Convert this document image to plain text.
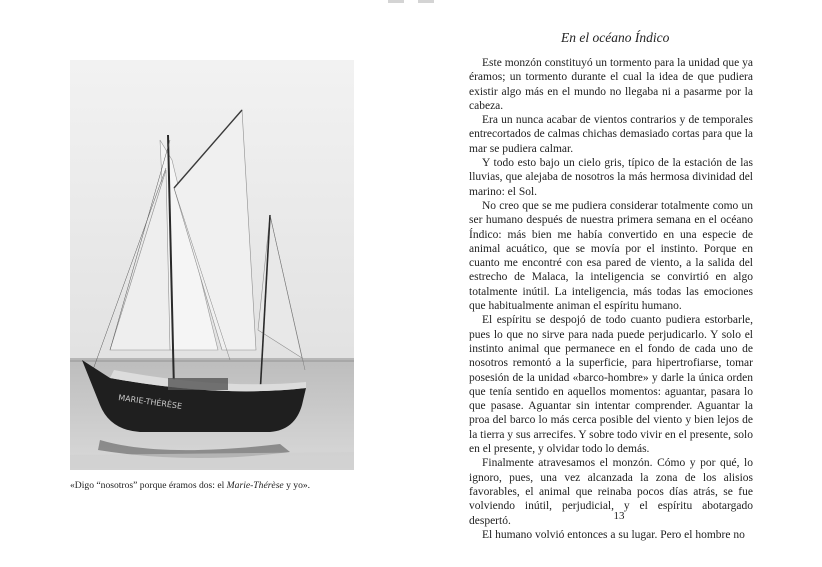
MARIE-THÉRÈSE
«Digo “nosotros” porque éramos dos: el Marie-Thérèse y yo».
En el océano Índico

Este monzón constituyó un tormento para la unidad que ya éramos; un tormento durante el cual la idea de que pudiera existir algo más en el mundo no llegaba ni a pasarme por la cabeza.

Era un nunca acabar de vientos contrarios y de temporales entrecortados de calmas chichas demasiado cortas para que la mar se pudiera calmar.

Y todo esto bajo un cielo gris, típico de la estación de las lluvias, que alejaba de nosotros la más hermosa divinidad del marino: el Sol.

No creo que se me pudiera considerar totalmente como un ser humano después de nuestra primera semana en el océano Índico: más bien me había convertido en una especie de animal acuático, que se movía por el instinto. Porque en cuanto me encontré con esa pared de viento, a la salida del estrecho de Malaca, la inteligencia se convirtió en algo totalmente inútil. La inteligencia, más todas las emociones que habitualmente animan el espíritu humano.

El espíritu se despojó de todo cuanto pudiera estorbarle, pues lo que no sirve para nada puede perjudicarlo. Y solo el instinto animal que permanece en el fondo de cada uno de nosotros remontó a la superficie, para hipertrofiarse, tomar posesión de la unidad «barco-hombre» y darle la única orden que tenía sentido en aquellos momentos: aguantar, pasara lo que pasase. Aguantar sin intentar comprender. Aguantar la proa del barco lo más cerca posible del viento y bien lejos de la tierra y sus arrecifes. Y sobre todo vivir en el presente, solo en el presente, y olvidar todo lo demás.

Finalmente atravesamos el monzón. Cómo y por qué, lo ignoro, pues, una vez alcanzada la zona de los alisios favorables, el animal que reinaba pocos días atrás, se fue volviendo inútil, perjudicial, y el espíritu abotargado despertó.

El humano volvió entonces a su lugar. Pero el hombre no

13
